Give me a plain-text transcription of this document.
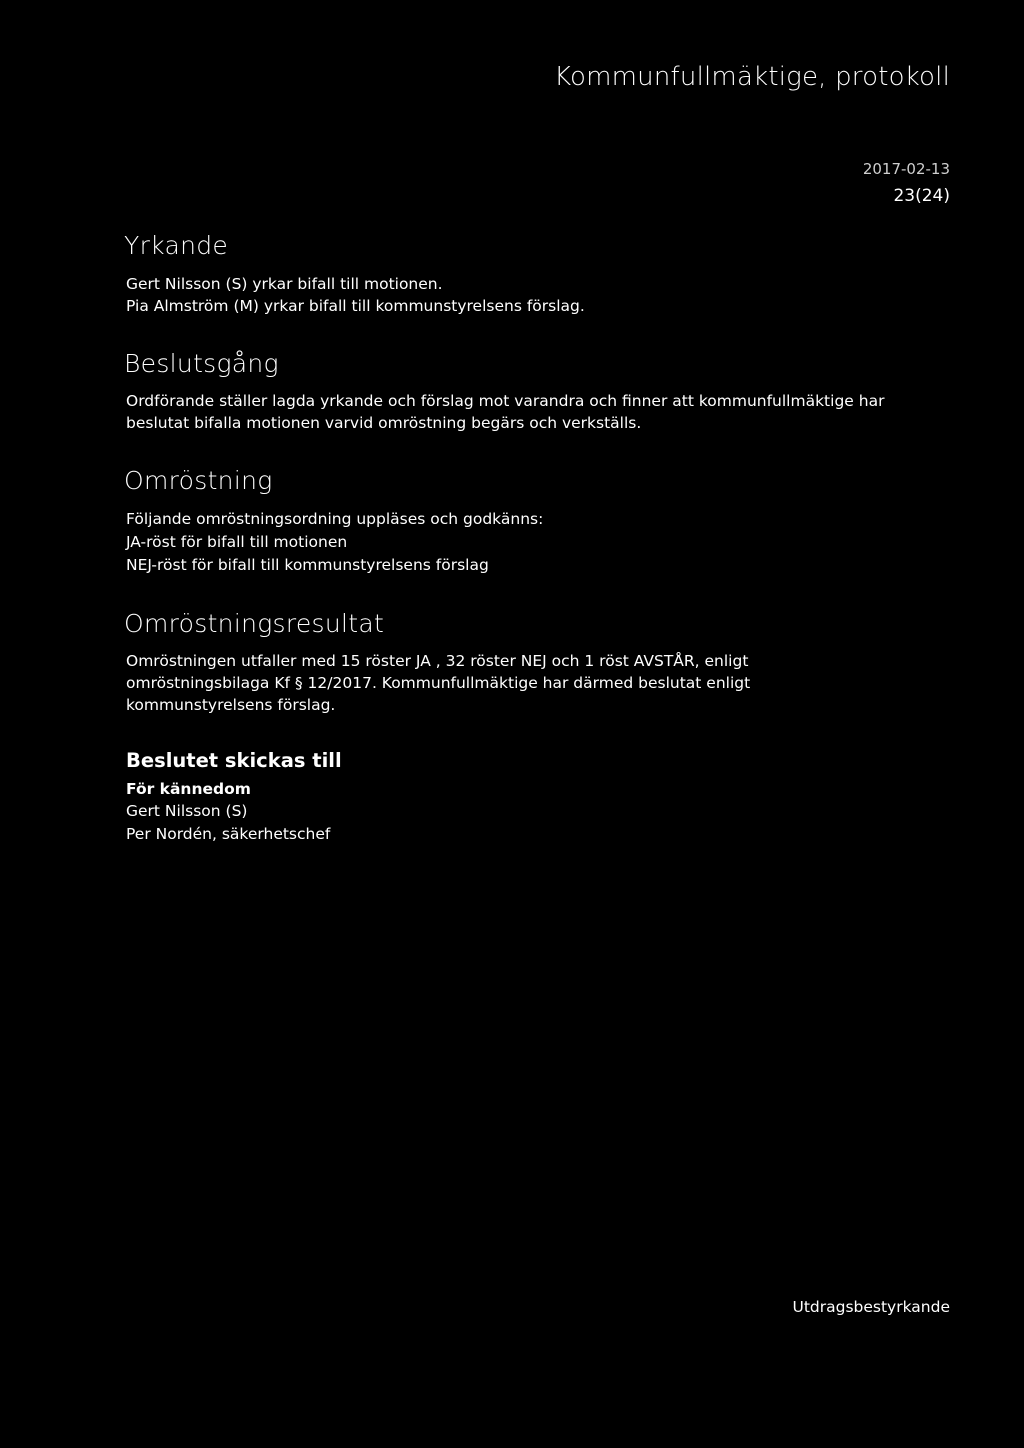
Kommunfullmäktige, protokoll
2017-02-13
23(24)
Yrkande
Gert Nilsson (S) yrkar bifall till motionen.
Pia Almström (M) yrkar bifall till kommunstyrelsens förslag.
Beslutsgång

Ordförande ställer lagda yrkande och förslag mot varandra och finner att kommunfullmäktige har beslutat bifalla motionen varvid omröstning begärs och verkställs.

Omröstning
Följande omröstningsordning uppläses och godkänns:
JA-röst för bifall till motionen
NEJ-röst för bifall till kommunstyrelsens förslag
Omröstningsresultat

Omröstningen utfaller med 15 röster JA , 32 röster NEJ och 1 röst AVSTÅR, enligt omröstningsbilaga Kf § 12/2017. Kommunfullmäktige har därmed beslutat enligt kommunstyrelsens förslag.

Beslutet skickas till
För kännedom
Gert Nilsson (S)
Per Nordén, säkerhetschef
Utdragsbestyrkande
